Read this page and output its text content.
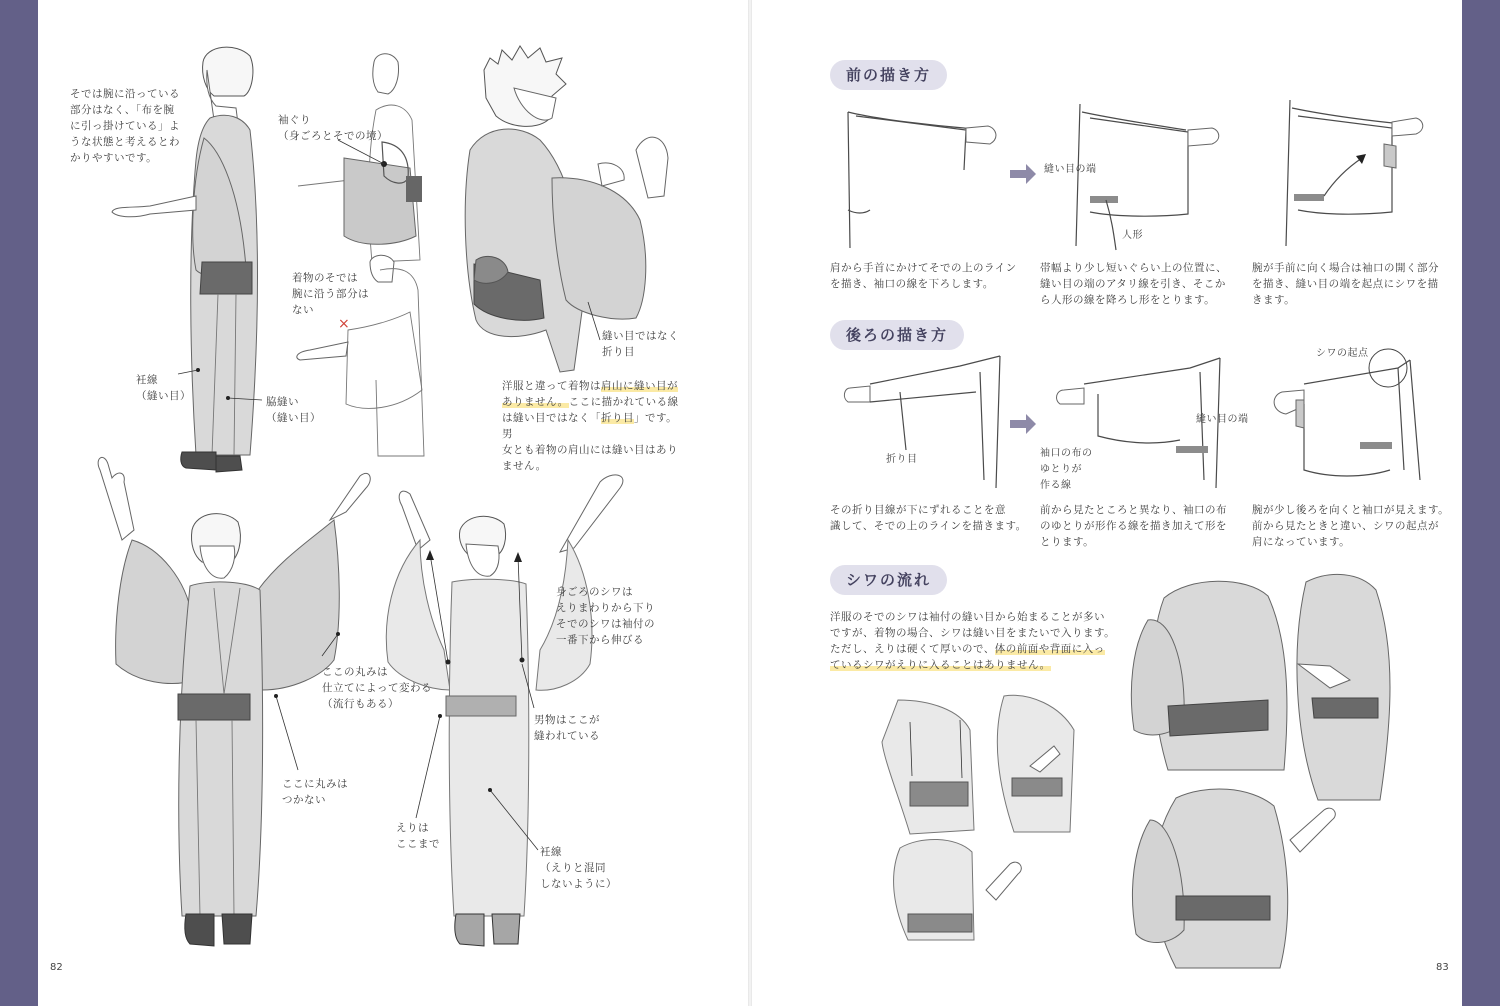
そでは腕に沿っている
部分はなく、「布を腕
に引っ掛けている」よ
うな状態と考えるとわ
かりやすいです。

袖ぐり
（身ごろとそでの境）

着物のそでは
腕に沿う部分は
ない

×

衽線
（縫い目）	脇縫い
（縫い目）

縫い目ではなく
折り目

洋服と違って着物は肩山に縫い目が
ありません。ここに描かれている線
は縫い目ではなく「折り目」です。男
女とも着物の肩山には縫い目はあり
ません。

ここの丸みは
仕立てによって変わる
（流行もある）

ここに丸みは
つかない

身ごろのシワは
えりまわりから下り
そでのシワは袖付の
一番下から伸びる

男物はここが
縫われている

えりは
ここまで

衽線
（えりと混同
しないように）

82
前の描き方
縫い目の端
人形

肩から手首にかけてそでの上のライン
を描き、袖口の線を下ろします。

帯幅より少し短いぐらい上の位置に、
縫い目の端のアタリ線を引き、そこか
ら人形の線を降ろし形をとります。

腕が手前に向く場合は袖口の開く部分
を描き、縫い目の端を起点にシワを描
きます。

後ろの描き方
折り目
縫い目の端

袖口の布の
ゆとりが
作る線

シワの起点

その折り目線が下にずれることを意
識して、そでの上のラインを描きます。

前から見たところと異なり、袖口の布
のゆとりが形作る線を描き加えて形を
とります。

腕が少し後ろを向くと袖口が見えます。
前から見たときと違い、シワの起点が
肩になっています。

シワの流れ
洋服のそでのシワは袖付の縫い目から始まることが多い
ですが、着物の場合、シワは縫い目をまたいで入ります。
ただし、えりは硬くて厚いので、体の前面や背面に入っ
ているシワがえりに入ることはありません。
83
